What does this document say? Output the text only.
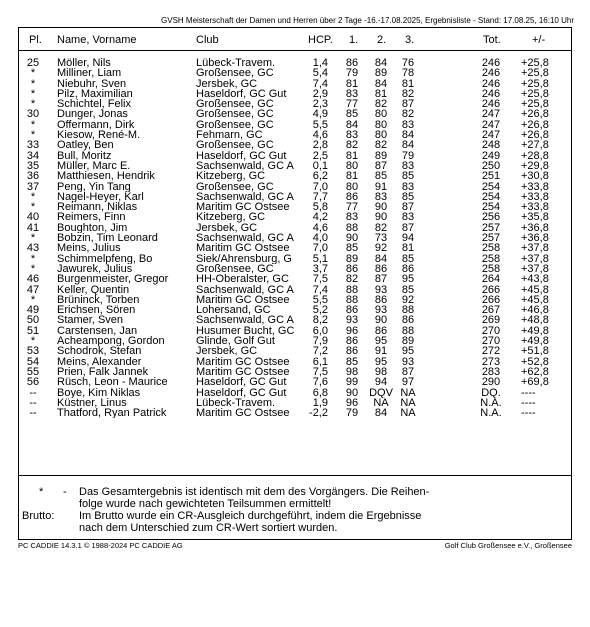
GVSH Meisterschaft der Damen und Herren über 2 Tage -16.-17.08.2025, Ergebnisliste - Stand: 17.08.25, 16:10 Uhr
Pl. Name, Vorname	Club	HCP. 1. 2. 3.	Tot.	+/-
25	Möller, Nils	Lübeck-Travem.	1,4 86	84	76	246 +25,8
*	Milliner, Liam	Großensee, GC	5,4 79	89	78	246 +25,8
*	Niebuhr, Sven	Jersbek, GC	7,4 81	84	81	246 +25,8
*	Pilz, Maximilian	Haseldorf, GC Gut	2,9 83	81	82	246 +25,8
*	Schichtel, Felix	Großensee, GC	2,3 77	82	87	246 +25,8
30	Dunger, Jonas	Großensee, GC	4,9 85	80	82	247 +26,8
*	Offermann, Dirk	Großensee, GC	5,5 84	80	83	247 +26,8
*	Kiesow, René-M.	Fehmarn, GC	4,6 83	80	84	247 +26,8
33	Oatley, Ben	Großensee, GC	2,8 82	82	84	248 +27,8
34	Bull, Moritz	Haseldorf, GC Gut	2,5 81	89	79	249 +28,8
35	Müller, Marc E.	Sachsenwald, GC A	0,1 80	87	83	250 +29,8
36	Matthiesen, Hendrik	Kitzeberg, GC	6,2 81	85	85	251 +30,8
37	Peng, Yin Tang	Großensee, GC	7,0 80	91	83	254 +33,8
*	Nagel-Heyer, Karl	Sachsenwald, GC A	7,7 86	83	85	254 +33,8
*	Reimann, Niklas	Maritim GC Ostsee	5,8 77	90	87	254 +33,8
40	Reimers, Finn	Kitzeberg, GC	4,2 83	90	83	256 +35,8
41	Boughton, Jim	Jersbek, GC	4,6 88	82	87	257 +36,8
*	Bobzin, Tim Leonard	Sachsenwald, GC A	4,0 90	73	94	257 +36,8
43	Meins, Julius	Maritim GC Ostsee	7,0 85	92	81	258 +37,8
*	Schimmelpfeng, Bo	Siek/Ahrensburg, G	5,1 89	84	85	258 +37,8
*	Jawurek, Julius	Großensee, GC	3,7 86	86	86	258 +37,8
46	Burgenmeister, Gregor	HH-Oberalster, GC	7,5 82	87	95	264 +43,8
47	Keller, Quentin	Sachsenwald, GC A	7,4 88	93	85	266 +45,8
*	Brüninck, Torben	Maritim GC Ostsee	5,5 88	86	92	266 +45,8
49	Erichsen, Sören	Lohersand, GC	5,2 86	93	88	267 +46,8
50	Stamer, Sven	Sachsenwald, GC A	8,2 93	90	86	269 +48,8
51	Carstensen, Jan	Husumer Bucht, GC	6,0 96	86	88	270 +49,8
*	Acheampong, Gordon	Glinde, Golf Gut	7,9 86	95	89	270 +49,8
53	Schodrok, Stefan	Jersbek, GC	7,2 86	91	95	272 +51,8
54	Meins, Alexander	Maritim GC Ostsee	6,1 85	95	93	273 +52,8
55	Prien, Falk Jannek	Maritim GC Ostsee	7,5 98	98	87	283 +62,8
56	Rüsch, Leon - Maurice	Haseldorf, GC Gut	7,6 99	94	97	290 +69,8
--	Boye, Kim Niklas	Haseldorf, GC Gut	6,8 90 DQV NA	DQ. ----
--	Küstner, Linus	Lübeck-Travem.	1,9 96	NA	NA	N.A. ----
--	Thatford, Ryan Patrick	Maritim GC Ostsee	-2,2 79	84	NA	N.A. ----
* - Das Gesamtergebnis ist identisch mit dem des Vorgängers. Die Reihen-
folge wurde nach gewichteten Teilsummen ermittelt!
Brutto: Im Brutto wurde ein CR-Ausgleich durchgeführt, indem die Ergebnisse
nach dem Unterschied zum CR-Wert sortiert wurden.
PC CADDIE 14.3.1 © 1988-2024 PC CADDIE AG	Golf Club Großensee e.V., Großensee
